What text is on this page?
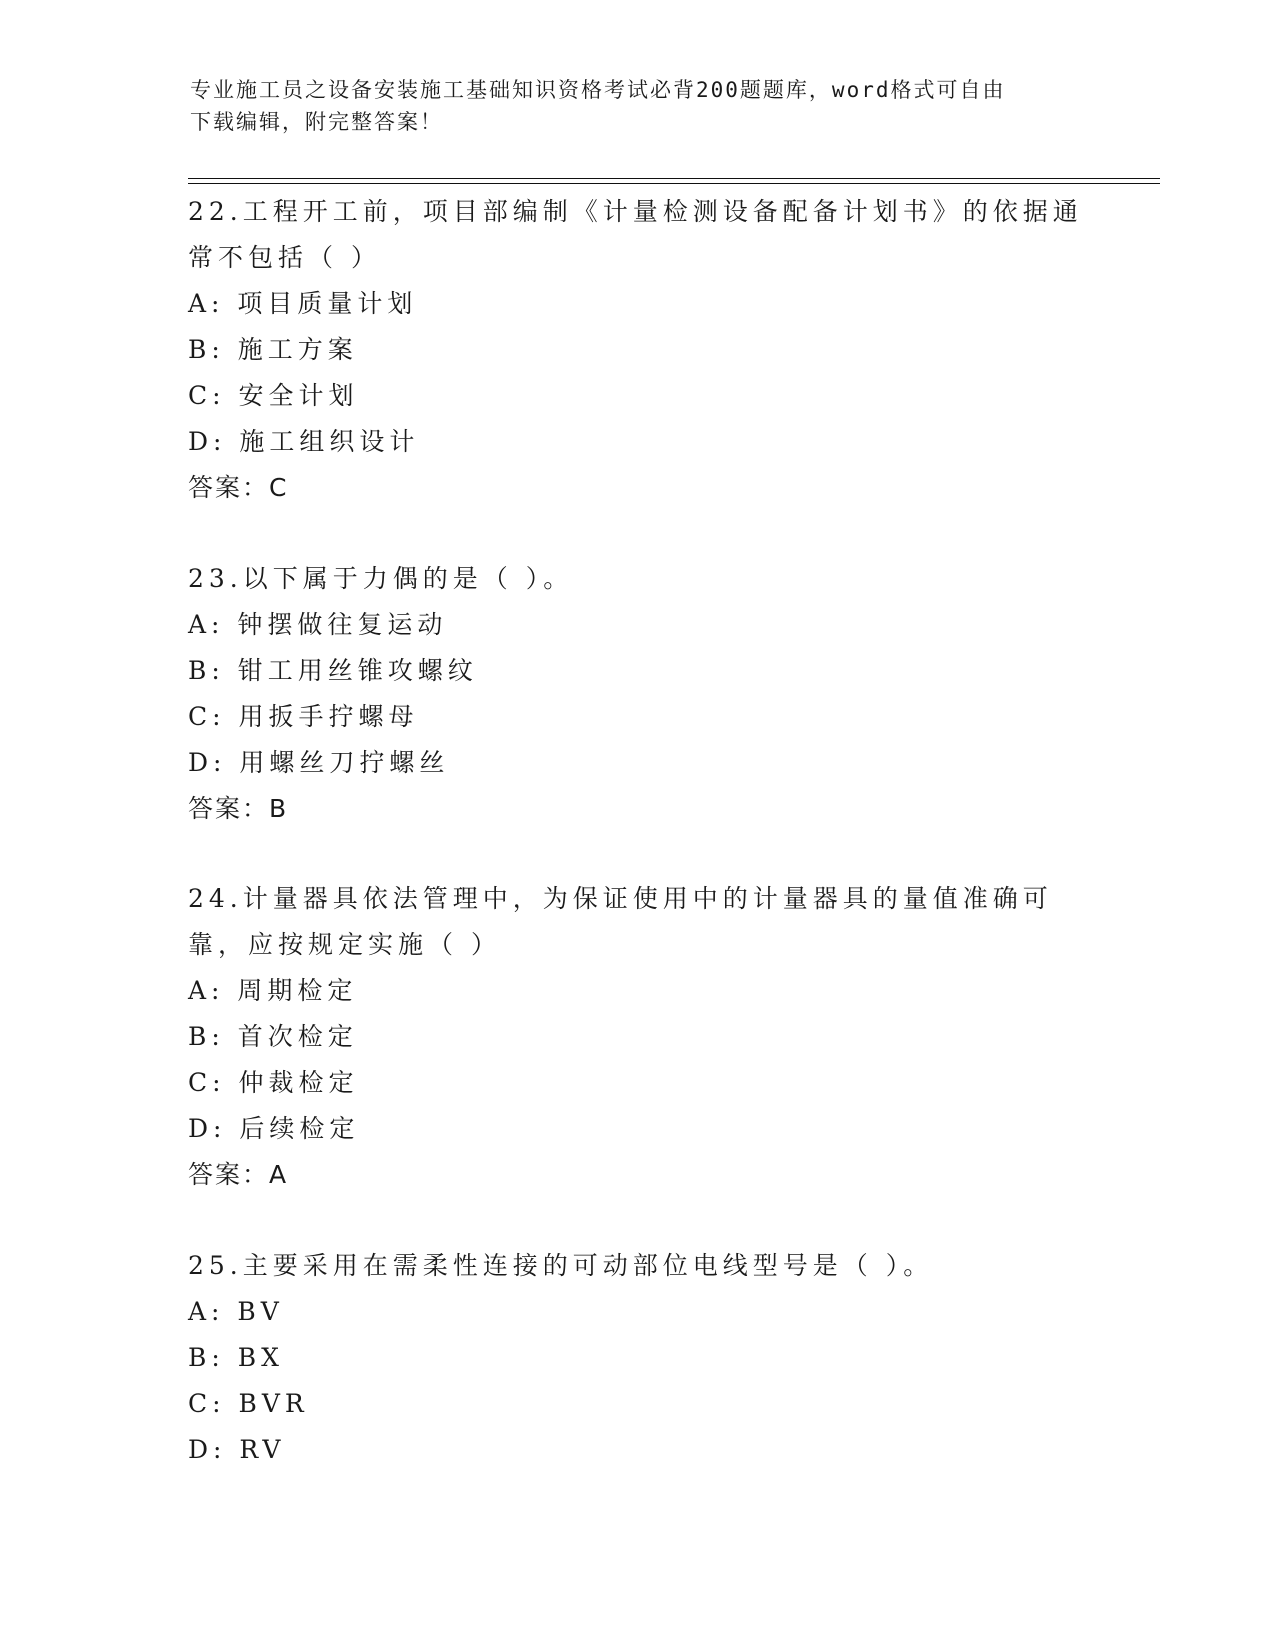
专业施工员之设备安装施工基础知识资格考试必背200题题库，word格式可自由
下载编辑，附完整答案！
22.工程开工前，项目部编制《计量检测设备配备计划书》的依据通常不包括（ ）
A: 项目质量计划
B: 施工方案
C: 安全计划
D: 施工组织设计
答案：C
23.以下属于力偶的是（ ）。
A: 钟摆做往复运动
B: 钳工用丝锥攻螺纹
C: 用扳手拧螺母
D: 用螺丝刀拧螺丝
答案：B
24.计量器具依法管理中，为保证使用中的计量器具的量值准确可靠，应按规定实施（ ）
A: 周期检定
B: 首次检定
C: 仲裁检定
D: 后续检定
答案：A
25.主要采用在需柔性连接的可动部位电线型号是（ ）。
A: BV
B: BX
C: BVR
D: RV
